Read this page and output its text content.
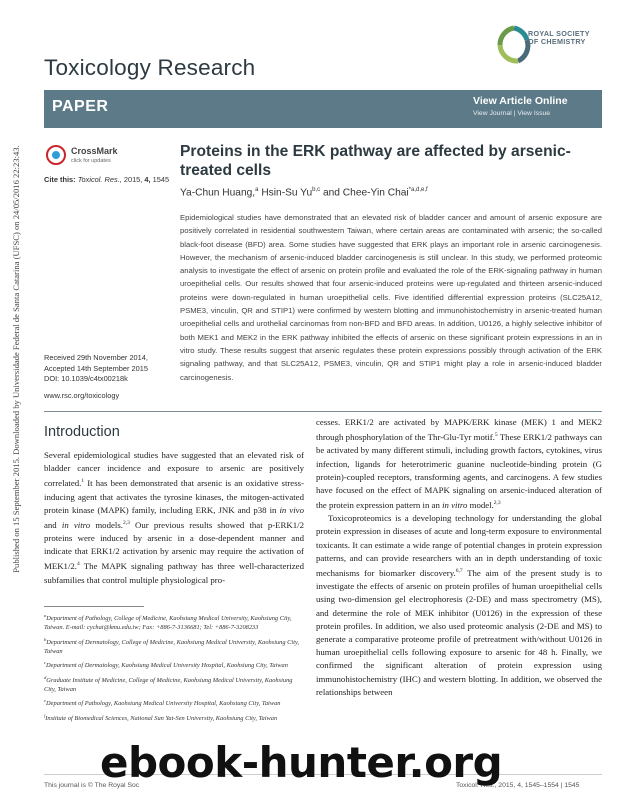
Published on 15 September 2015. Downloaded by Universidade Federal de Santa Catarina (UFSC) on 24/05/2016 22:23:43.
Toxicology Research
ROYAL SOCIETY
OF CHEMISTRY
PAPER	View Article Online
View Journal | View Issue
CrossMark
click for updates
Cite this: Toxicol. Res., 2015, 4, 1545
Proteins in the ERK pathway are affected by arsenic-treated cells
Ya-Chun Huang,$^a$ Hsin-Su Yu$^{b,c}$ and Chee-Yin Chai$^{*a,d,e,f}$
Epidemiological studies have demonstrated that an elevated risk of bladder cancer and amount of arsenic exposure are positively correlated in residential southwestern Taiwan, where certain areas are contaminated with arsenic; the so-called black-foot disease (BFD) area. Some studies have suggested that ERK plays an important role in arsenic carcinogenesis. However, the mechanism of arsenic-induced bladder carcinogenesis is still unclear. In this study, we performed proteomic analysis to investigate the effect of arsenic on protein profile and evaluated the role of the ERK-signaling pathway in human uroepithelial cells. Our results showed that four arsenic-induced proteins were up-regulated and thirteen arsenic-induced proteins were down-regulated in human uroepithelial cells. Five identified differential expression proteins (SLC25A12, PSME3, vinculin, QR and STIP1) were confirmed by western blotting and immunohistochemistry in arsenic-treated human uroepithelial cells and urothelial carcinomas from non-BFD and BFD areas. In addition, U0126, a highly selective inhibitor of both MEK1 and MEK2 in the ERK pathway inhibited the effects of arsenic on these significant protein expressions in an in vitro study. These results suggest that arsenic regulates these protein expressions possibly through activation of the ERK signaling pathway, and that SLC25A12, PSME3, vinculin, QR and STIP1 might play a role in arsenic-induced bladder carcinogenesis.
Received 29th November 2014,
Accepted 14th September 2015
DOI: 10.1039/c4tx00218k
www.rsc.org/toxicology
Introduction

Several epidemiological studies have suggested that an elevated risk of bladder cancer incidence and exposure to arsenic are positively correlated.$^1$ It has been demonstrated that arsenic is an oxidative stress-inducing agent that activates the tyrosine kinases, the mitogen-activated protein kinase (MAPK) family, including ERK, JNK and p38 in in vivo and in vitro models.$^{2,3}$ Our previous results showed that p-ERK1/2 proteins were induced by arsenic in a dose-dependent manner and indicate that ERK1/2 activation by arsenic may require the activation of MEK1/2.$^4$ The MAPK signaling pathway has three well-characterized subfamilies that control multiple physiological pro-

cesses. ERK1/2 are activated by MAPK/ERK kinase (MEK) 1 and MEK2 through phosphorylation of the Thr-Glu-Tyr motif.$^5$ These ERK1/2 pathways can be activated by many different stimuli, including growth factors, cytokines, virus infection, ligands for heterotrimeric guanine nucleotide-binding protein (G protein)-coupled receptors, transforming agents, and carcinogens. A few studies have focused on the effect of MAPK signaling on arsenic-induced alteration of the protein expression pattern in an in vitro model.$^{2,3}$

Toxicoproteomics is a developing technology for understanding the global protein expression in diseases of acute and long-term exposure to environmental toxicants. It can estimate a wide range of potential changes in protein expression patterns, and can provide researchers with an in depth understanding of toxic mechanisms for biomarker discovery.$^{6,7}$ The aim of the present study is to investigate the effects of arsenic on protein profiles of human uroepithelial cells using two-dimension gel electrophoresis (2-DE) and mass spectrometry (MS), and determine the role of MEK inhibitor (U0126) in the expression of these protein profiles. In addition, we also used proteomic analysis (2-DE and MS) to generate a comparative proteome profile of pretreatment with/without U0126 in human uroepithelial cells following exposure to arsenic for 48 h. Finally, we confirmed the significant alteration of protein expression using immunohistochemistry (IHC) and western blotting. In addition, we observed the relationships between

$^a$Department of Pathology, College of Medicine, Kaohsiung Medical University, Kaohsiung City, Taiwan. E-mail: cychai@kmu.edu.tw; Fax: +886-7-3136681; Tel: +886-7-3208233
$^b$Department of Dermatology, College of Medicine, Kaohsiung Medical University, Kaohsiung City, Taiwan
$^c$Department of Dermatology, Kaohsiung Medical University Hospital, Kaohsiung City, Taiwan
$^d$Graduate Institute of Medicine, College of Medicine, Kaohsiung Medical University, Kaohsiung City, Taiwan
$^e$Department of Pathology, Kaohsiung Medical University Hospital, Kaohsiung City, Taiwan
$^f$Institute of Biomedical Sciences, National Sun Yat-Sen University, Kaohsiung City, Taiwan
This journal is © The Royal Soc	Toxicol. Res., 2015, 4, 1545–1554 | 1545
ebook-hunter.org
